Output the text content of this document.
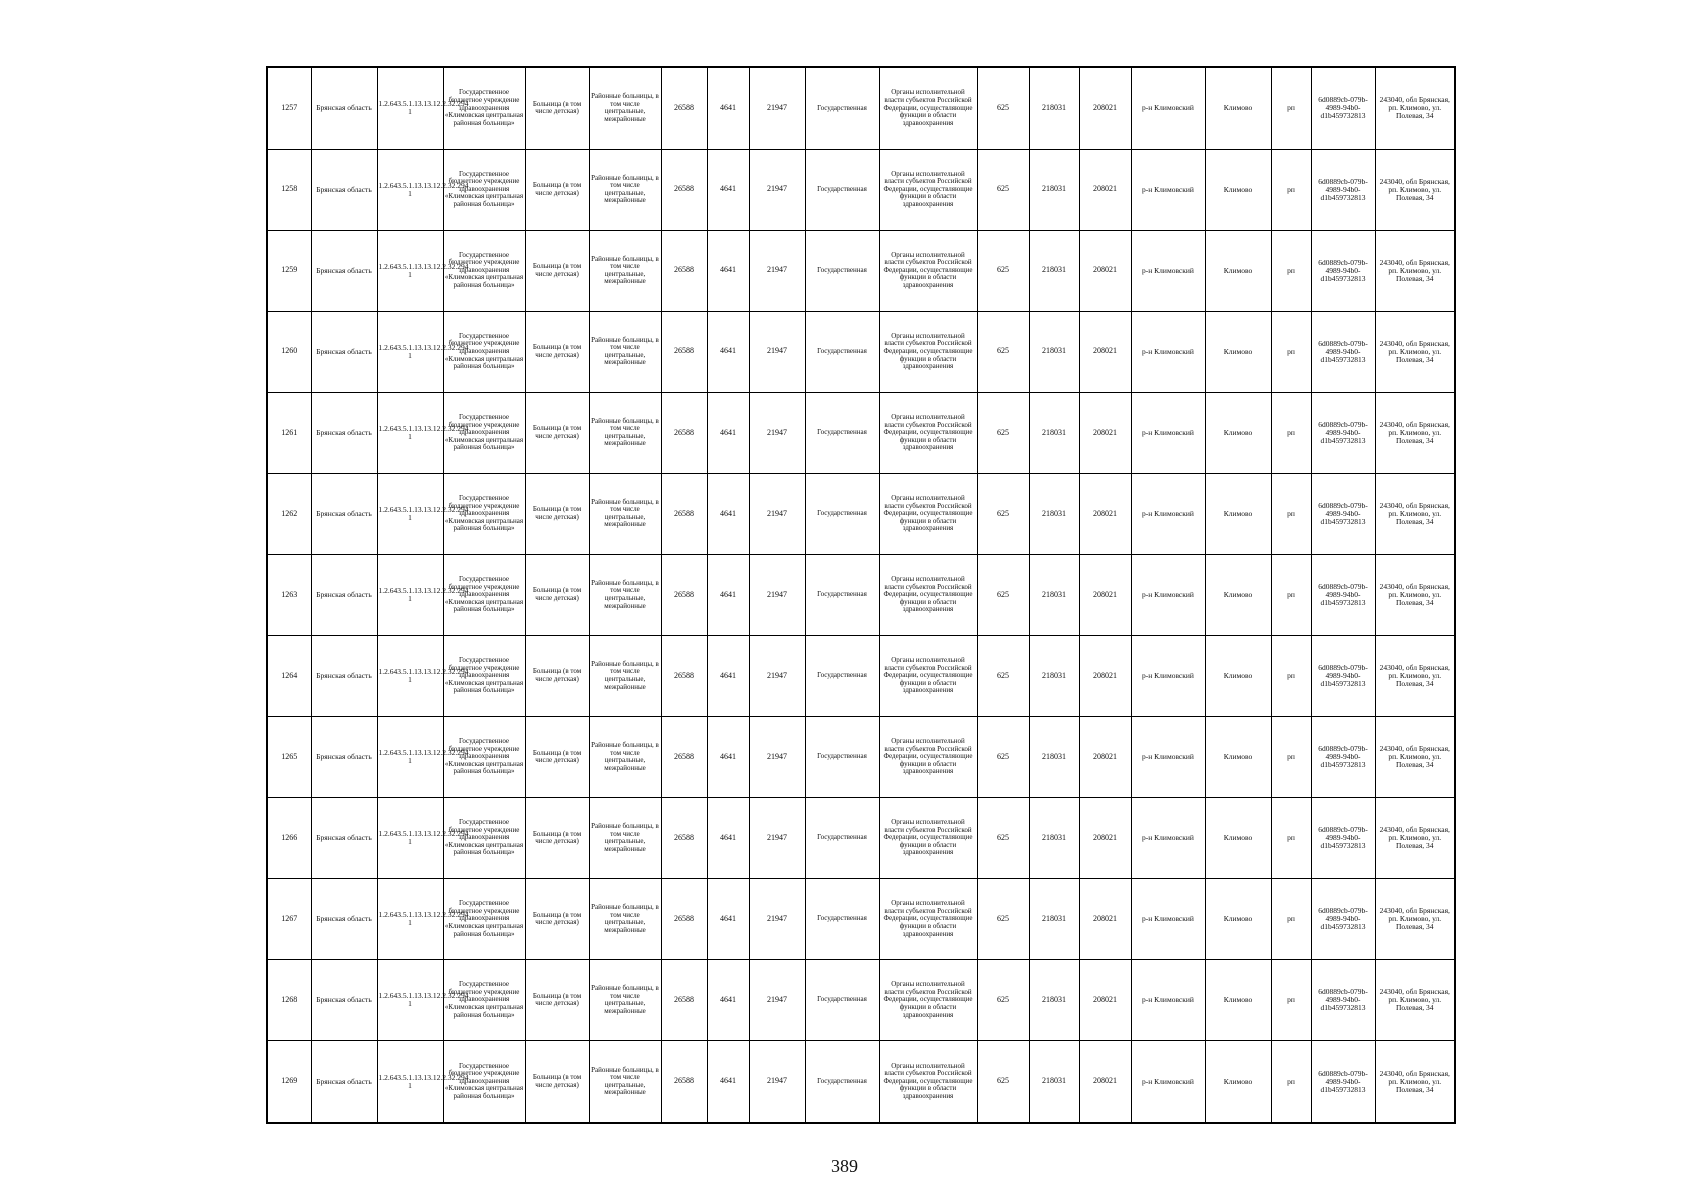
1257	Брянская область	1.2.643.5.1.13.13.12.2.32.294 1	Государственное бюджетное учреждение здравоохранения «Климовская центральная районная больница»	Больница (в том числе детская)	Районные больницы, в том числе центральные, межрайонные	26588	4641	21947	Государственная	Органы исполнительной власти субъектов Российской Федерации, осуществляющие функции в области здравоохранения	625	218031	208021	р-н Климовский	Климово	рп	6d0889cb-079b-4989-94b0-d1b459732813	243040, обл Брянская, рп. Климово, ул. Полевая, 34
1258	Брянская область	1.2.643.5.1.13.13.12.2.32.294 1	Государственное бюджетное учреждение здравоохранения «Климовская центральная районная больница»	Больница (в том числе детская)	Районные больницы, в том числе центральные, межрайонные	26588	4641	21947	Государственная	Органы исполнительной власти субъектов Российской Федерации, осуществляющие функции в области здравоохранения	625	218031	208021	р-н Климовский	Климово	рп	6d0889cb-079b-4989-94b0-d1b459732813	243040, обл Брянская, рп. Климово, ул. Полевая, 34
1259	Брянская область	1.2.643.5.1.13.13.12.2.32.294 1	Государственное бюджетное учреждение здравоохранения «Климовская центральная районная больница»	Больница (в том числе детская)	Районные больницы, в том числе центральные, межрайонные	26588	4641	21947	Государственная	Органы исполнительной власти субъектов Российской Федерации, осуществляющие функции в области здравоохранения	625	218031	208021	р-н Климовский	Климово	рп	6d0889cb-079b-4989-94b0-d1b459732813	243040, обл Брянская, рп. Климово, ул. Полевая, 34
1260	Брянская область	1.2.643.5.1.13.13.12.2.32.294 1	Государственное бюджетное учреждение здравоохранения «Климовская центральная районная больница»	Больница (в том числе детская)	Районные больницы, в том числе центральные, межрайонные	26588	4641	21947	Государственная	Органы исполнительной власти субъектов Российской Федерации, осуществляющие функции в области здравоохранения	625	218031	208021	р-н Климовский	Климово	рп	6d0889cb-079b-4989-94b0-d1b459732813	243040, обл Брянская, рп. Климово, ул. Полевая, 34
1261	Брянская область	1.2.643.5.1.13.13.12.2.32.294 1	Государственное бюджетное учреждение здравоохранения «Климовская центральная районная больница»	Больница (в том числе детская)	Районные больницы, в том числе центральные, межрайонные	26588	4641	21947	Государственная	Органы исполнительной власти субъектов Российской Федерации, осуществляющие функции в области здравоохранения	625	218031	208021	р-н Климовский	Климово	рп	6d0889cb-079b-4989-94b0-d1b459732813	243040, обл Брянская, рп. Климово, ул. Полевая, 34
1262	Брянская область	1.2.643.5.1.13.13.12.2.32.294 1	Государственное бюджетное учреждение здравоохранения «Климовская центральная районная больница»	Больница (в том числе детская)	Районные больницы, в том числе центральные, межрайонные	26588	4641	21947	Государственная	Органы исполнительной власти субъектов Российской Федерации, осуществляющие функции в области здравоохранения	625	218031	208021	р-н Климовский	Климово	рп	6d0889cb-079b-4989-94b0-d1b459732813	243040, обл Брянская, рп. Климово, ул. Полевая, 34
1263	Брянская область	1.2.643.5.1.13.13.12.2.32.294 1	Государственное бюджетное учреждение здравоохранения «Климовская центральная районная больница»	Больница (в том числе детская)	Районные больницы, в том числе центральные, межрайонные	26588	4641	21947	Государственная	Органы исполнительной власти субъектов Российской Федерации, осуществляющие функции в области здравоохранения	625	218031	208021	р-н Климовский	Климово	рп	6d0889cb-079b-4989-94b0-d1b459732813	243040, обл Брянская, рп. Климово, ул. Полевая, 34
1264	Брянская область	1.2.643.5.1.13.13.12.2.32.294 1	Государственное бюджетное учреждение здравоохранения «Климовская центральная районная больница»	Больница (в том числе детская)	Районные больницы, в том числе центральные, межрайонные	26588	4641	21947	Государственная	Органы исполнительной власти субъектов Российской Федерации, осуществляющие функции в области здравоохранения	625	218031	208021	р-н Климовский	Климово	рп	6d0889cb-079b-4989-94b0-d1b459732813	243040, обл Брянская, рп. Климово, ул. Полевая, 34
1265	Брянская область	1.2.643.5.1.13.13.12.2.32.294 1	Государственное бюджетное учреждение здравоохранения «Климовская центральная районная больница»	Больница (в том числе детская)	Районные больницы, в том числе центральные, межрайонные	26588	4641	21947	Государственная	Органы исполнительной власти субъектов Российской Федерации, осуществляющие функции в области здравоохранения	625	218031	208021	р-н Климовский	Климово	рп	6d0889cb-079b-4989-94b0-d1b459732813	243040, обл Брянская, рп. Климово, ул. Полевая, 34
1266	Брянская область	1.2.643.5.1.13.13.12.2.32.294 1	Государственное бюджетное учреждение здравоохранения «Климовская центральная районная больница»	Больница (в том числе детская)	Районные больницы, в том числе центральные, межрайонные	26588	4641	21947	Государственная	Органы исполнительной власти субъектов Российской Федерации, осуществляющие функции в области здравоохранения	625	218031	208021	р-н Климовский	Климово	рп	6d0889cb-079b-4989-94b0-d1b459732813	243040, обл Брянская, рп. Климово, ул. Полевая, 34
1267	Брянская область	1.2.643.5.1.13.13.12.2.32.294 1	Государственное бюджетное учреждение здравоохранения «Климовская центральная районная больница»	Больница (в том числе детская)	Районные больницы, в том числе центральные, межрайонные	26588	4641	21947	Государственная	Органы исполнительной власти субъектов Российской Федерации, осуществляющие функции в области здравоохранения	625	218031	208021	р-н Климовский	Климово	рп	6d0889cb-079b-4989-94b0-d1b459732813	243040, обл Брянская, рп. Климово, ул. Полевая, 34
1268	Брянская область	1.2.643.5.1.13.13.12.2.32.294 1	Государственное бюджетное учреждение здравоохранения «Климовская центральная районная больница»	Больница (в том числе детская)	Районные больницы, в том числе центральные, межрайонные	26588	4641	21947	Государственная	Органы исполнительной власти субъектов Российской Федерации, осуществляющие функции в области здравоохранения	625	218031	208021	р-н Климовский	Климово	рп	6d0889cb-079b-4989-94b0-d1b459732813	243040, обл Брянская, рп. Климово, ул. Полевая, 34
1269	Брянская область	1.2.643.5.1.13.13.12.2.32.294 1	Государственное бюджетное учреждение здравоохранения «Климовская центральная районная больница»	Больница (в том числе детская)	Районные больницы, в том числе центральные, межрайонные	26588	4641	21947	Государственная	Органы исполнительной власти субъектов Российской Федерации, осуществляющие функции в области здравоохранения	625	218031	208021	р-н Климовский	Климово	рп	6d0889cb-079b-4989-94b0-d1b459732813	243040, обл Брянская, рп. Климово, ул. Полевая, 34
389
